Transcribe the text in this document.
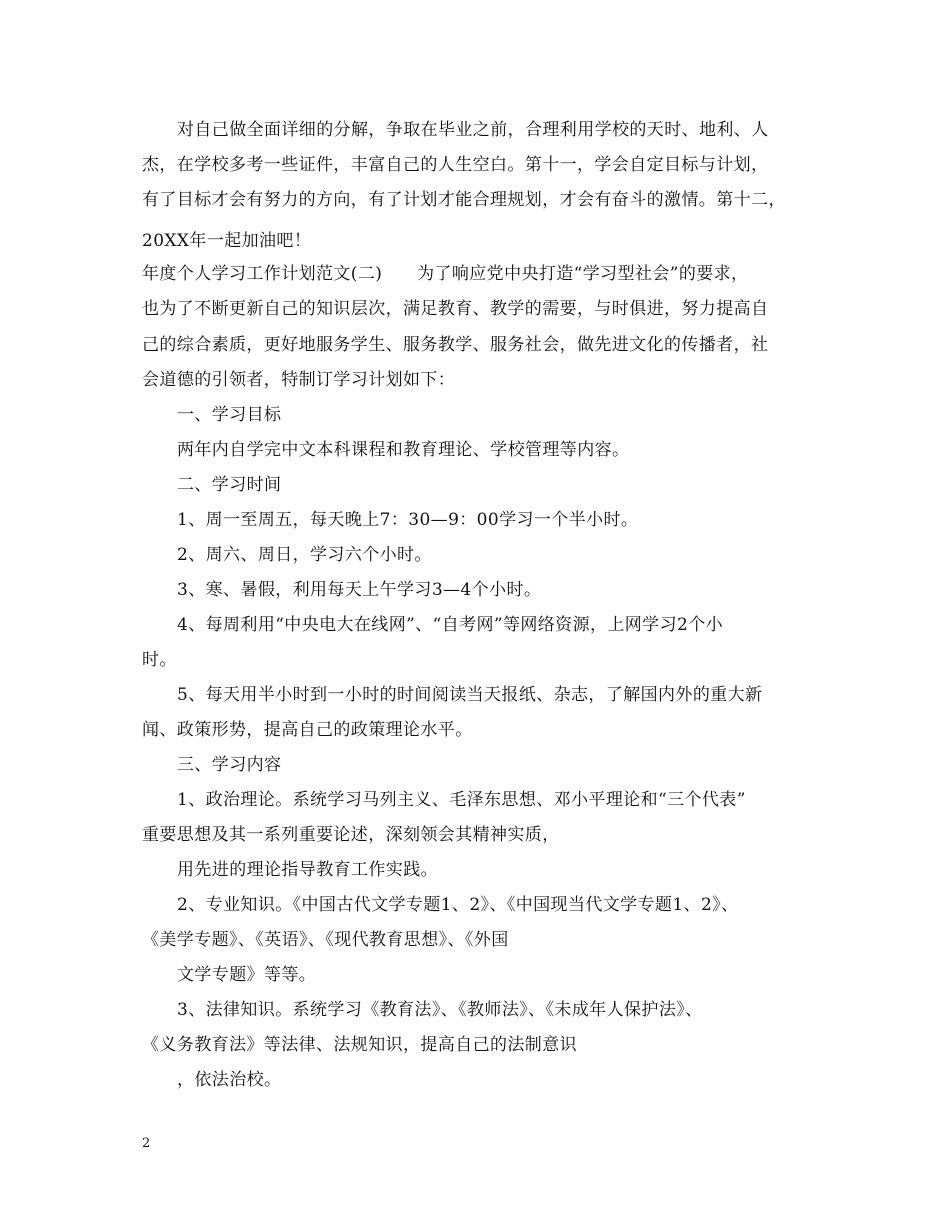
对自己做全面详细的分解，争取在毕业之前，合理利用学校的天时、地利、人
杰，在学校多考一些证件，丰富自己的人生空白。第十一，学会自定目标与计划，
有了目标才会有努力的方向，有了计划才能合理规划，才会有奋斗的激情。第十二，
20XX年一起加油吧！
年度个人学习工作计划范文(二)　　为了响应党中央打造“学习型社会”的要求，
也为了不断更新自己的知识层次，满足教育、教学的需要，与时俱进，努力提高自
己的综合素质，更好地服务学生、服务教学、服务社会，做先进文化的传播者，社
会道德的引领者，特制订学习计划如下：
一、学习目标
两年内自学完中文本科课程和教育理论、学校管理等内容。
二、学习时间
1、周一至周五，每天晚上7：30—9：00学习一个半小时。
2、周六、周日，学习六个小时。
3、寒、暑假，利用每天上午学习3—4个小时。
4、每周利用“中央电大在线网”、“自考网”等网络资源，上网学习2个小
时。
5、每天用半小时到一小时的时间阅读当天报纸、杂志，了解国内外的重大新
闻、政策形势，提高自己的政策理论水平。
三、学习内容
1、政治理论。系统学习马列主义、毛泽东思想、邓小平理论和“三个代表”
重要思想及其一系列重要论述，深刻领会其精神实质，
用先进的理论指导教育工作实践。
2、专业知识。《中国古代文学专题1、2》、《中国现当代文学专题1、2》、
《美学专题》、《英语》、《现代教育思想》、《外国
文学专题》等等。
3、法律知识。系统学习《教育法》、《教师法》、《未成年人保护法》、
《义务教育法》等法律、法规知识，提高自己的法制意识
，依法治校。
2
